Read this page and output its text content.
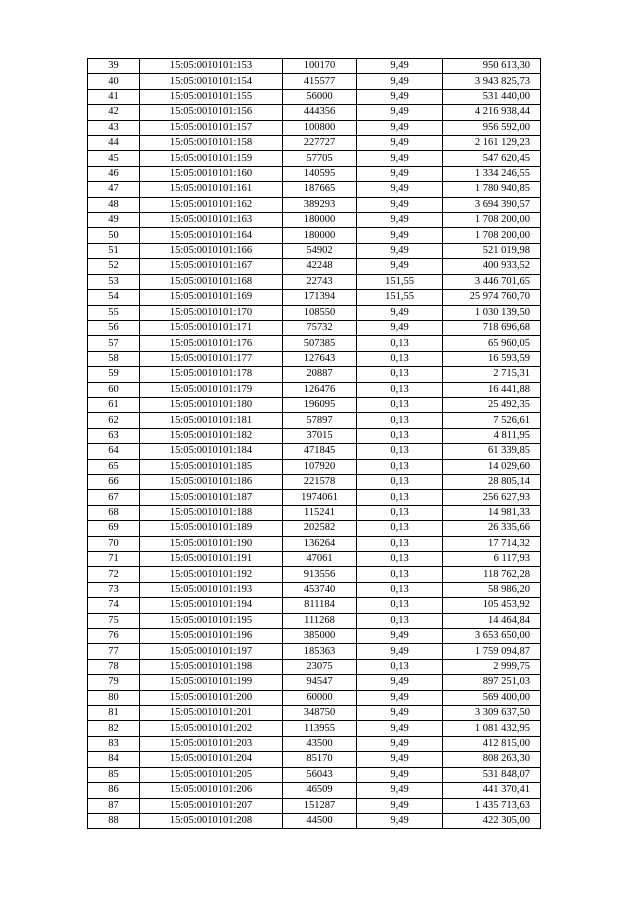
39	15:05:0010101:153	100170	9,49	950 613,30
40	15:05:0010101:154	415577	9,49	3 943 825,73
41	15:05:0010101:155	56000	9,49	531 440,00
42	15:05:0010101:156	444356	9,49	4 216 938,44
43	15:05:0010101:157	100800	9,49	956 592,00
44	15:05:0010101:158	227727	9,49	2 161 129,23
45	15:05:0010101:159	57705	9,49	547 620,45
46	15:05:0010101:160	140595	9,49	1 334 246,55
47	15:05:0010101:161	187665	9,49	1 780 940,85
48	15:05:0010101:162	389293	9,49	3 694 390,57
49	15:05:0010101:163	180000	9,49	1 708 200,00
50	15:05:0010101:164	180000	9,49	1 708 200,00
51	15:05:0010101:166	54902	9,49	521 019,98
52	15:05:0010101:167	42248	9,49	400 933,52
53	15:05:0010101:168	22743	151,55	3 446 701,65
54	15:05:0010101:169	171394	151,55	25 974 760,70
55	15:05:0010101:170	108550	9,49	1 030 139,50
56	15:05:0010101:171	75732	9,49	718 696,68
57	15:05:0010101:176	507385	0,13	65 960,05
58	15:05:0010101:177	127643	0,13	16 593,59
59	15:05:0010101:178	20887	0,13	2 715,31
60	15:05:0010101:179	126476	0,13	16 441,88
61	15:05:0010101:180	196095	0,13	25 492,35
62	15:05:0010101:181	57897	0,13	7 526,61
63	15:05:0010101:182	37015	0,13	4 811,95
64	15:05:0010101:184	471845	0,13	61 339,85
65	15:05:0010101:185	107920	0,13	14 029,60
66	15:05:0010101:186	221578	0,13	28 805,14
67	15:05:0010101:187	1974061	0,13	256 627,93
68	15:05:0010101:188	115241	0,13	14 981,33
69	15:05:0010101:189	202582	0,13	26 335,66
70	15:05:0010101:190	136264	0,13	17 714,32
71	15:05:0010101:191	47061	0,13	6 117,93
72	15:05:0010101:192	913556	0,13	118 762,28
73	15:05:0010101:193	453740	0,13	58 986,20
74	15:05:0010101:194	811184	0,13	105 453,92
75	15:05:0010101:195	111268	0,13	14 464,84
76	15:05:0010101:196	385000	9,49	3 653 650,00
77	15:05:0010101:197	185363	9,49	1 759 094,87
78	15:05:0010101:198	23075	0,13	2 999,75
79	15:05:0010101:199	94547	9,49	897 251,03
80	15:05:0010101:200	60000	9,49	569 400,00
81	15:05:0010101:201	348750	9,49	3 309 637,50
82	15:05:0010101:202	113955	9,49	1 081 432,95
83	15:05:0010101:203	43500	9,49	412 815,00
84	15:05:0010101:204	85170	9,49	808 263,30
85	15:05:0010101:205	56043	9,49	531 848,07
86	15:05:0010101:206	46509	9,49	441 370,41
87	15:05:0010101:207	151287	9,49	1 435 713,63
88	15:05:0010101:208	44500	9,49	422 305,00
